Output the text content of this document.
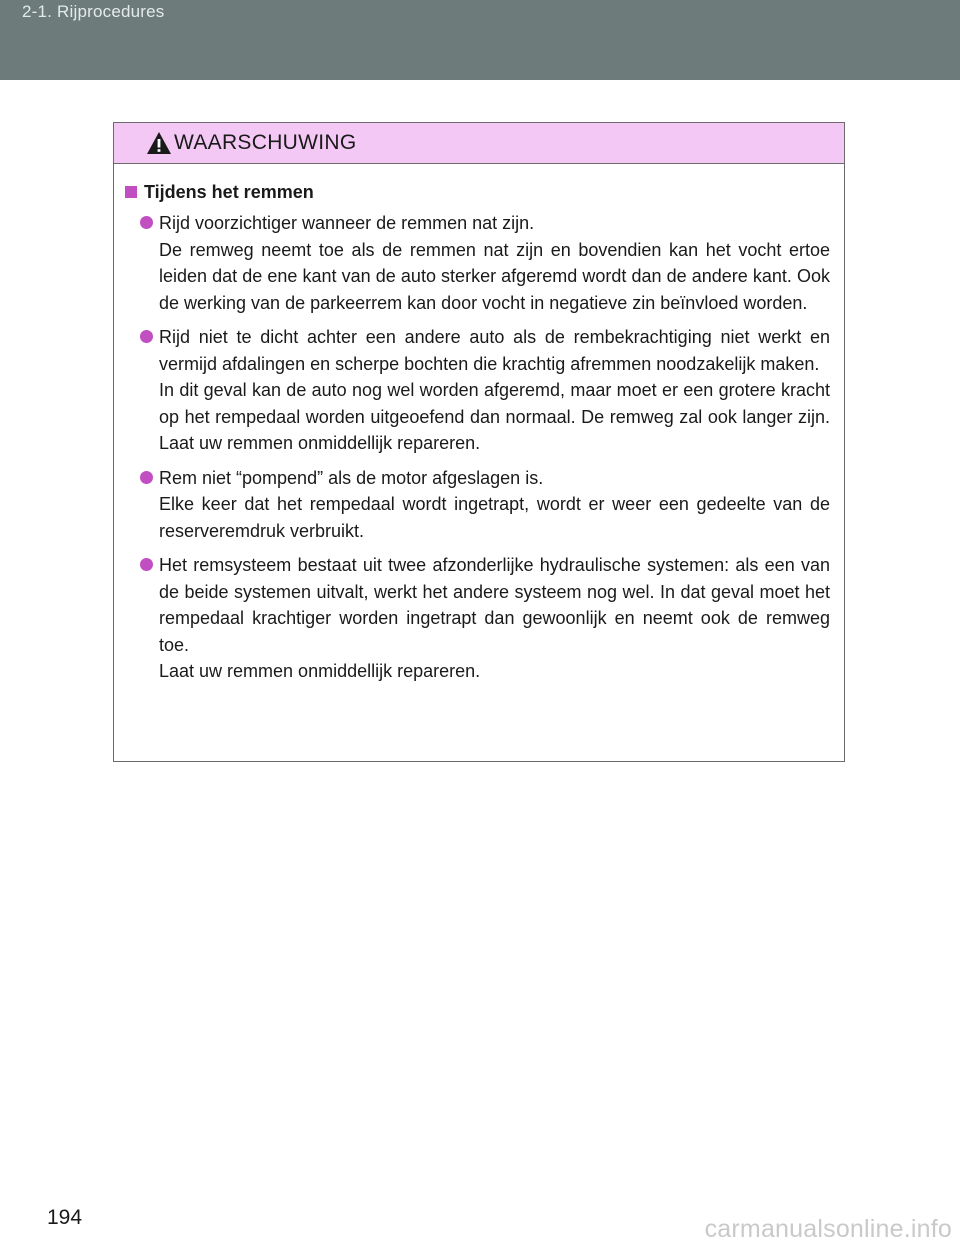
2-1. Rijprocedures
WAARSCHUWING
Tijdens het remmen

Rijd voorzichtiger wanneer de remmen nat zijn.

De remweg neemt toe als de remmen nat zijn en bovendien kan het vocht ertoe leiden dat de ene kant van de auto sterker afgeremd wordt dan de andere kant. Ook de werking van de parkeerrem kan door vocht in negatieve zin beïnvloed worden.

Rijd niet te dicht achter een andere auto als de rembekrachtiging niet werkt en vermijd afdalingen en scherpe bochten die krachtig afremmen noodzakelijk maken.

In dit geval kan de auto nog wel worden afgeremd, maar moet er een grotere kracht op het rempedaal worden uitgeoefend dan normaal. De remweg zal ook langer zijn. Laat uw remmen onmiddellijk repareren.

Rem niet “pompend” als de motor afgeslagen is.

Elke keer dat het rempedaal wordt ingetrapt, wordt er weer een gedeelte van de reserveremdruk verbruikt.

Het remsysteem bestaat uit twee afzonderlijke hydraulische systemen: als een van de beide systemen uitvalt, werkt het andere systeem nog wel. In dat geval moet het rempedaal krachtiger worden ingetrapt dan gewoonlijk en neemt ook de remweg toe.

Laat uw remmen onmiddellijk repareren.

194	carmanualsonline.info
